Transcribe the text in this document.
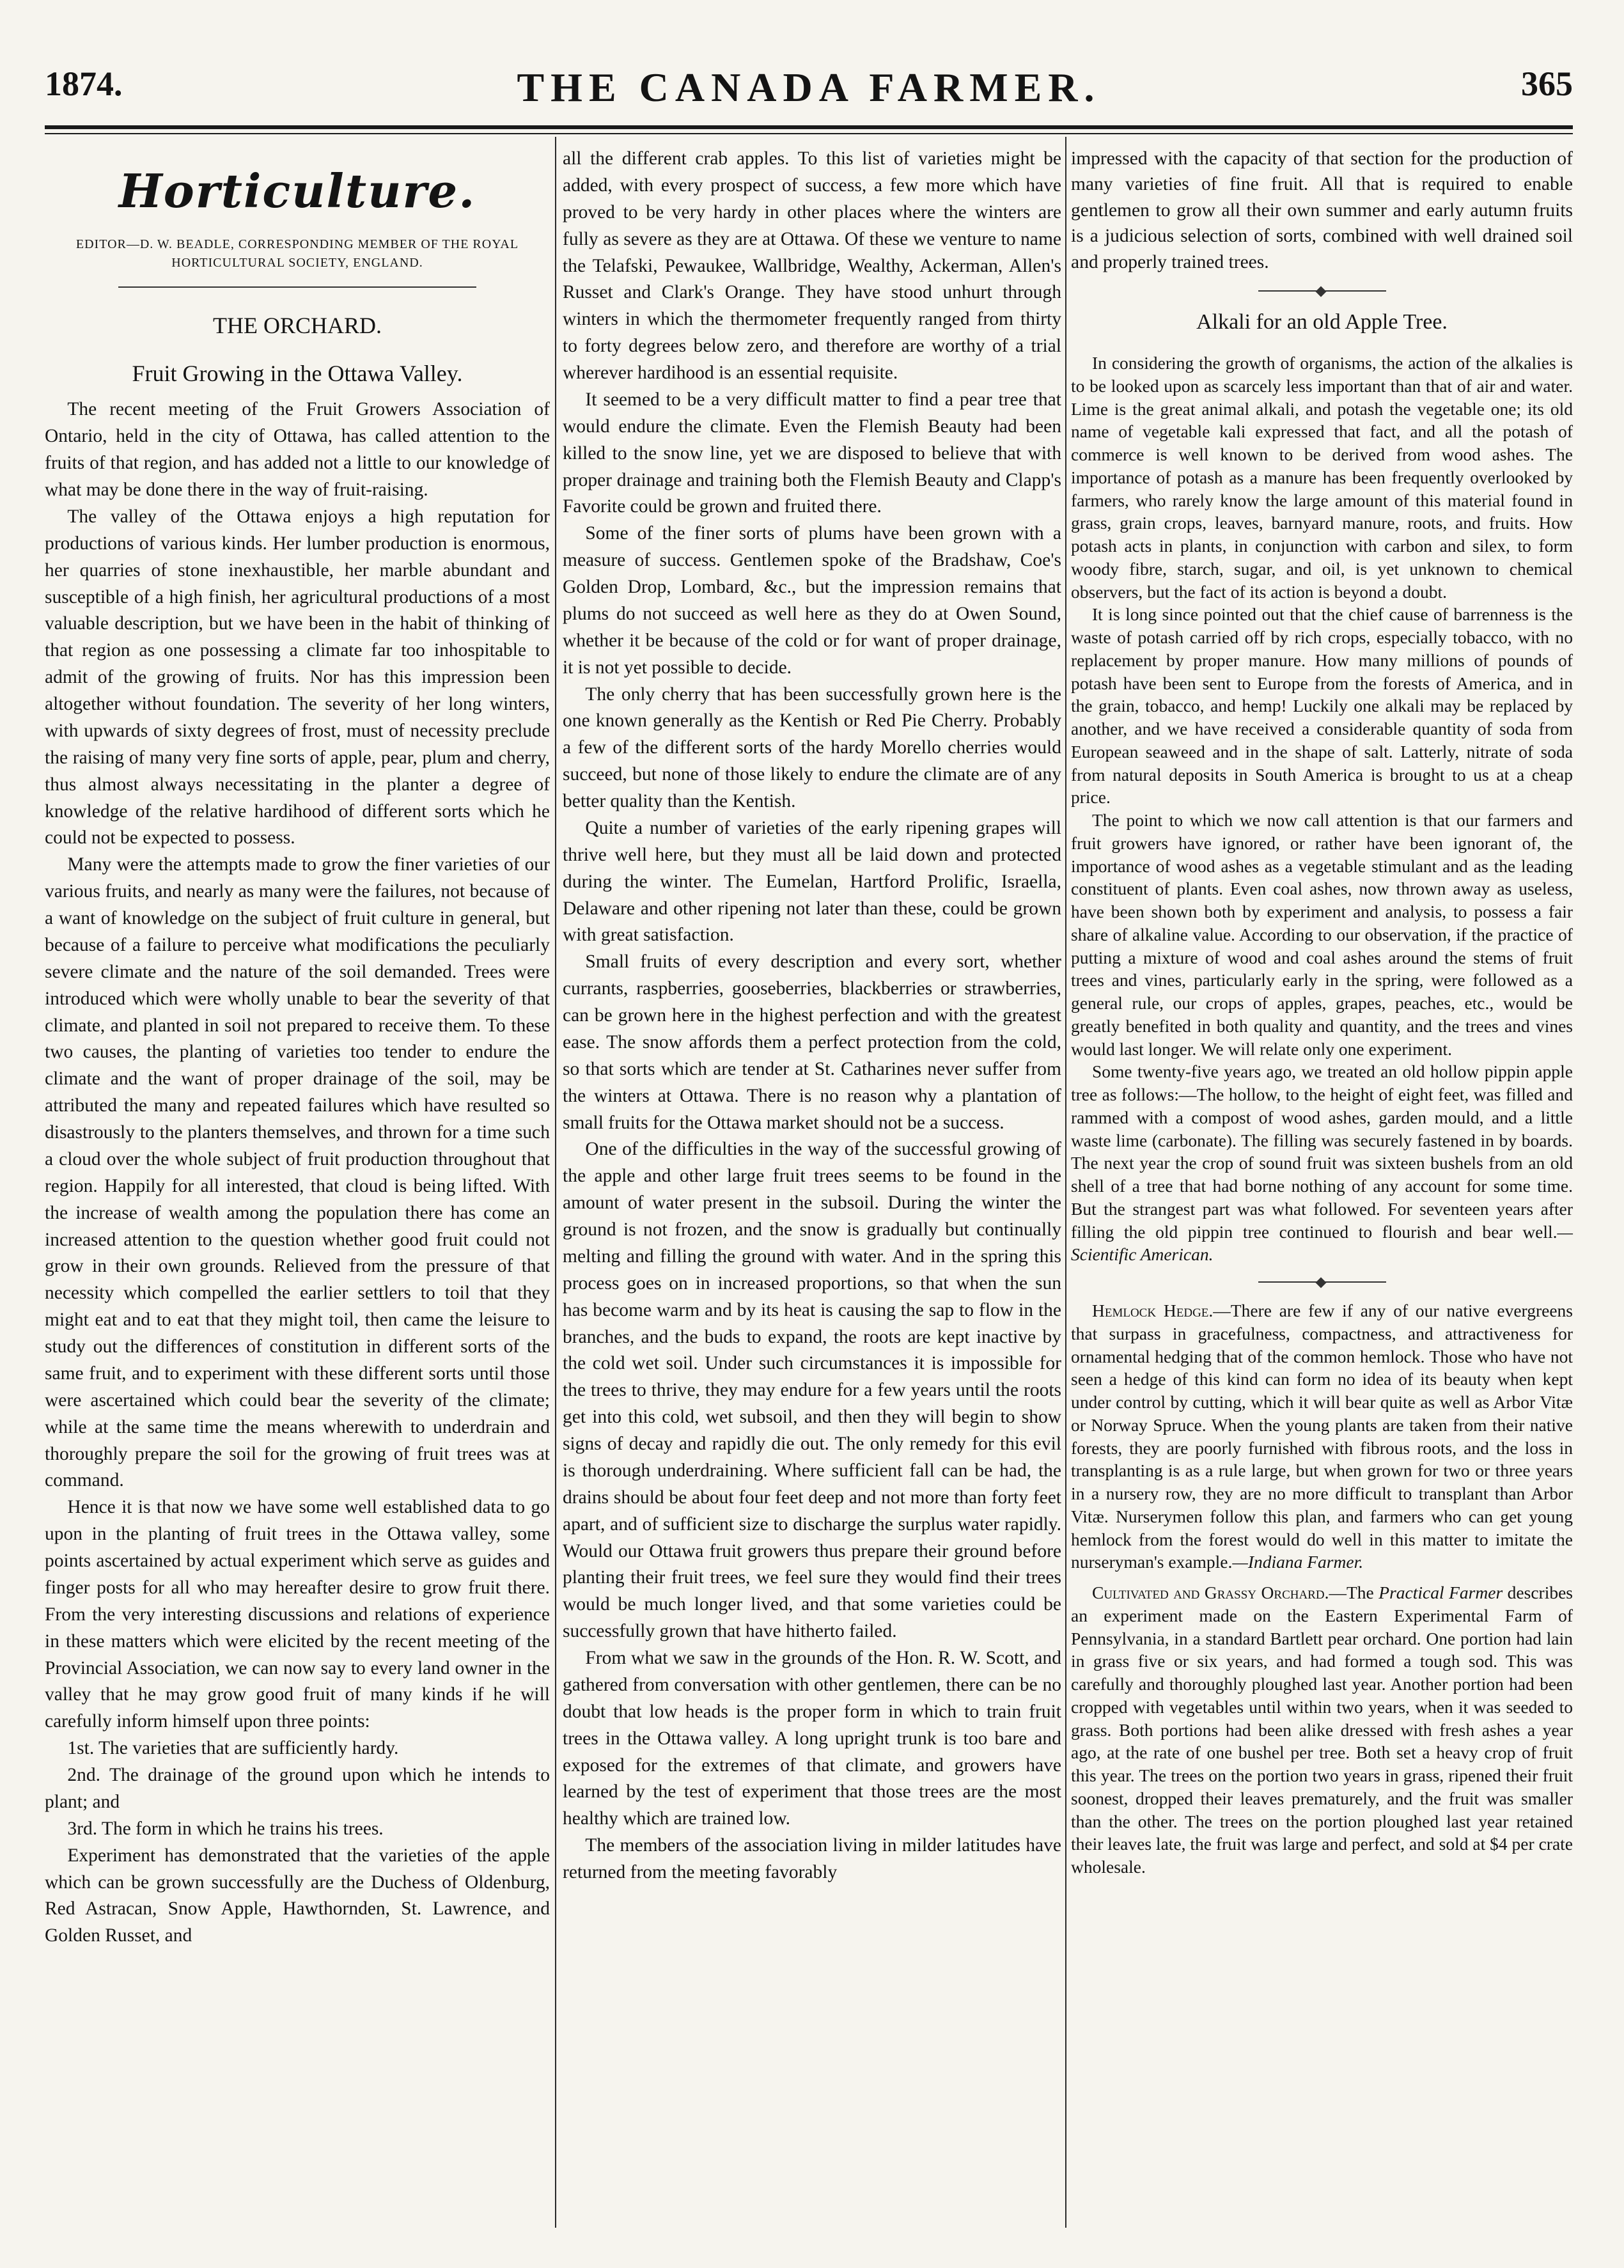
1874.	THE CANADA FARMER.	365
Horticulture.
EDITOR—D. W. BEADLE, CORRESPONDING MEMBER OF THE ROYAL HORTICULTURAL SOCIETY, ENGLAND.
THE ORCHARD.
Fruit Growing in the Ottawa Valley.

The recent meeting of the Fruit Growers Association of Ontario, held in the city of Ottawa, has called attention to the fruits of that region, and has added not a little to our knowledge of what may be done there in the way of fruit-raising.

The valley of the Ottawa enjoys a high reputation for productions of various kinds. Her lumber production is enormous, her quarries of stone inexhaustible, her marble abundant and susceptible of a high finish, her agricultural productions of a most valuable description, but we have been in the habit of thinking of that region as one possessing a climate far too inhospitable to admit of the growing of fruits. Nor has this impression been altogether without foundation. The severity of her long winters, with upwards of sixty degrees of frost, must of necessity preclude the raising of many very fine sorts of apple, pear, plum and cherry, thus almost always necessitating in the planter a degree of knowledge of the relative hardihood of different sorts which he could not be expected to possess.

Many were the attempts made to grow the finer varieties of our various fruits, and nearly as many were the failures, not because of a want of knowledge on the subject of fruit culture in general, but because of a failure to perceive what modifications the peculiarly severe climate and the nature of the soil demanded. Trees were introduced which were wholly unable to bear the severity of that climate, and planted in soil not prepared to receive them. To these two causes, the planting of varieties too tender to endure the climate and the want of proper drainage of the soil, may be attributed the many and repeated failures which have resulted so disastrously to the planters themselves, and thrown for a time such a cloud over the whole subject of fruit production throughout that region. Happily for all interested, that cloud is being lifted. With the increase of wealth among the population there has come an increased attention to the question whether good fruit could not grow in their own grounds. Relieved from the pressure of that necessity which compelled the earlier settlers to toil that they might eat and to eat that they might toil, then came the leisure to study out the differences of constitution in different sorts of the same fruit, and to experiment with these different sorts until those were ascertained which could bear the severity of the climate; while at the same time the means wherewith to underdrain and thoroughly prepare the soil for the growing of fruit trees was at command.

Hence it is that now we have some well established data to go upon in the planting of fruit trees in the Ottawa valley, some points ascertained by actual experiment which serve as guides and finger posts for all who may hereafter desire to grow fruit there. From the very interesting discussions and relations of experience in these matters which were elicited by the recent meeting of the Provincial Association, we can now say to every land owner in the valley that he may grow good fruit of many kinds if he will carefully inform himself upon three points:

1st. The varieties that are sufficiently hardy.

2nd. The drainage of the ground upon which he intends to plant; and

3rd. The form in which he trains his trees.

Experiment has demonstrated that the varieties of the apple which can be grown successfully are the Duchess of Oldenburg, Red Astracan, Snow Apple, Hawthornden, St. Lawrence, and Golden Russet, and

all the different crab apples. To this list of varieties might be added, with every prospect of success, a few more which have proved to be very hardy in other places where the winters are fully as severe as they are at Ottawa. Of these we venture to name the Telafski, Pewaukee, Wallbridge, Wealthy, Ackerman, Allen's Russet and Clark's Orange. They have stood unhurt through winters in which the thermometer frequently ranged from thirty to forty degrees below zero, and therefore are worthy of a trial wherever hardihood is an essential requisite.

It seemed to be a very difficult matter to find a pear tree that would endure the climate. Even the Flemish Beauty had been killed to the snow line, yet we are disposed to believe that with proper drainage and training both the Flemish Beauty and Clapp's Favorite could be grown and fruited there.

Some of the finer sorts of plums have been grown with a measure of success. Gentlemen spoke of the Bradshaw, Coe's Golden Drop, Lombard, &c., but the impression remains that plums do not succeed as well here as they do at Owen Sound, whether it be because of the cold or for want of proper drainage, it is not yet possible to decide.

The only cherry that has been successfully grown here is the one known generally as the Kentish or Red Pie Cherry. Probably a few of the different sorts of the hardy Morello cherries would succeed, but none of those likely to endure the climate are of any better quality than the Kentish.

Quite a number of varieties of the early ripening grapes will thrive well here, but they must all be laid down and protected during the winter. The Eumelan, Hartford Prolific, Israella, Delaware and other ripening not later than these, could be grown with great satisfaction.

Small fruits of every description and every sort, whether currants, raspberries, gooseberries, blackberries or strawberries, can be grown here in the highest perfection and with the greatest ease. The snow affords them a perfect protection from the cold, so that sorts which are tender at St. Catharines never suffer from the winters at Ottawa. There is no reason why a plantation of small fruits for the Ottawa market should not be a success.

One of the difficulties in the way of the successful growing of the apple and other large fruit trees seems to be found in the amount of water present in the subsoil. During the winter the ground is not frozen, and the snow is gradually but continually melting and filling the ground with water. And in the spring this process goes on in increased proportions, so that when the sun has become warm and by its heat is causing the sap to flow in the branches, and the buds to expand, the roots are kept inactive by the cold wet soil. Under such circumstances it is impossible for the trees to thrive, they may endure for a few years until the roots get into this cold, wet subsoil, and then they will begin to show signs of decay and rapidly die out. The only remedy for this evil is thorough underdraining. Where sufficient fall can be had, the drains should be about four feet deep and not more than forty feet apart, and of sufficient size to discharge the surplus water rapidly. Would our Ottawa fruit growers thus prepare their ground before planting their fruit trees, we feel sure they would find their trees would be much longer lived, and that some varieties could be successfully grown that have hitherto failed.

From what we saw in the grounds of the Hon. R. W. Scott, and gathered from conversation with other gentlemen, there can be no doubt that low heads is the proper form in which to train fruit trees in the Ottawa valley. A long upright trunk is too bare and exposed for the extremes of that climate, and growers have learned by the test of experiment that those trees are the most healthy which are trained low.

The members of the association living in milder latitudes have returned from the meeting favorably

impressed with the capacity of that section for the production of many varieties of fine fruit. All that is required to enable gentlemen to grow all their own summer and early autumn fruits is a judicious selection of sorts, combined with well drained soil and properly trained trees.

Alkali for an old Apple Tree.

In considering the growth of organisms, the action of the alkalies is to be looked upon as scarcely less important than that of air and water. Lime is the great animal alkali, and potash the vegetable one; its old name of vegetable kali expressed that fact, and all the potash of commerce is well known to be derived from wood ashes. The importance of potash as a manure has been frequently overlooked by farmers, who rarely know the large amount of this material found in grass, grain crops, leaves, barnyard manure, roots, and fruits. How potash acts in plants, in conjunction with carbon and silex, to form woody fibre, starch, sugar, and oil, is yet unknown to chemical observers, but the fact of its action is beyond a doubt.

It is long since pointed out that the chief cause of barrenness is the waste of potash carried off by rich crops, especially tobacco, with no replacement by proper manure. How many millions of pounds of potash have been sent to Europe from the forests of America, and in the grain, tobacco, and hemp! Luckily one alkali may be replaced by another, and we have received a considerable quantity of soda from European seaweed and in the shape of salt. Latterly, nitrate of soda from natural deposits in South America is brought to us at a cheap price.

The point to which we now call attention is that our farmers and fruit growers have ignored, or rather have been ignorant of, the importance of wood ashes as a vegetable stimulant and as the leading constituent of plants. Even coal ashes, now thrown away as useless, have been shown both by experiment and analysis, to possess a fair share of alkaline value. According to our observation, if the practice of putting a mixture of wood and coal ashes around the stems of fruit trees and vines, particularly early in the spring, were followed as a general rule, our crops of apples, grapes, peaches, etc., would be greatly benefited in both quality and quantity, and the trees and vines would last longer. We will relate only one experiment.

Some twenty-five years ago, we treated an old hollow pippin apple tree as follows:—The hollow, to the height of eight feet, was filled and rammed with a compost of wood ashes, garden mould, and a little waste lime (carbonate). The filling was securely fastened in by boards. The next year the crop of sound fruit was sixteen bushels from an old shell of a tree that had borne nothing of any account for some time. But the strangest part was what followed. For seventeen years after filling the old pippin tree continued to flourish and bear well.—Scientific American.

Hemlock Hedge.—There are few if any of our native evergreens that surpass in gracefulness, compactness, and attractiveness for ornamental hedging that of the common hemlock. Those who have not seen a hedge of this kind can form no idea of its beauty when kept under control by cutting, which it will bear quite as well as Arbor Vitæ or Norway Spruce. When the young plants are taken from their native forests, they are poorly furnished with fibrous roots, and the loss in transplanting is as a rule large, but when grown for two or three years in a nursery row, they are no more difficult to transplant than Arbor Vitæ. Nurserymen follow this plan, and farmers who can get young hemlock from the forest would do well in this matter to imitate the nurseryman's example.—Indiana Farmer.

Cultivated and Grassy Orchard.—The Practical Farmer describes an experiment made on the Eastern Experimental Farm of Pennsylvania, in a standard Bartlett pear orchard. One portion had lain in grass five or six years, and had formed a tough sod. This was carefully and thoroughly ploughed last year. Another portion had been cropped with vegetables until within two years, when it was seeded to grass. Both portions had been alike dressed with fresh ashes a year ago, at the rate of one bushel per tree. Both set a heavy crop of fruit this year. The trees on the portion two years in grass, ripened their fruit soonest, dropped their leaves prematurely, and the fruit was smaller than the other. The trees on the portion ploughed last year retained their leaves late, the fruit was large and perfect, and sold at $4 per crate wholesale.
